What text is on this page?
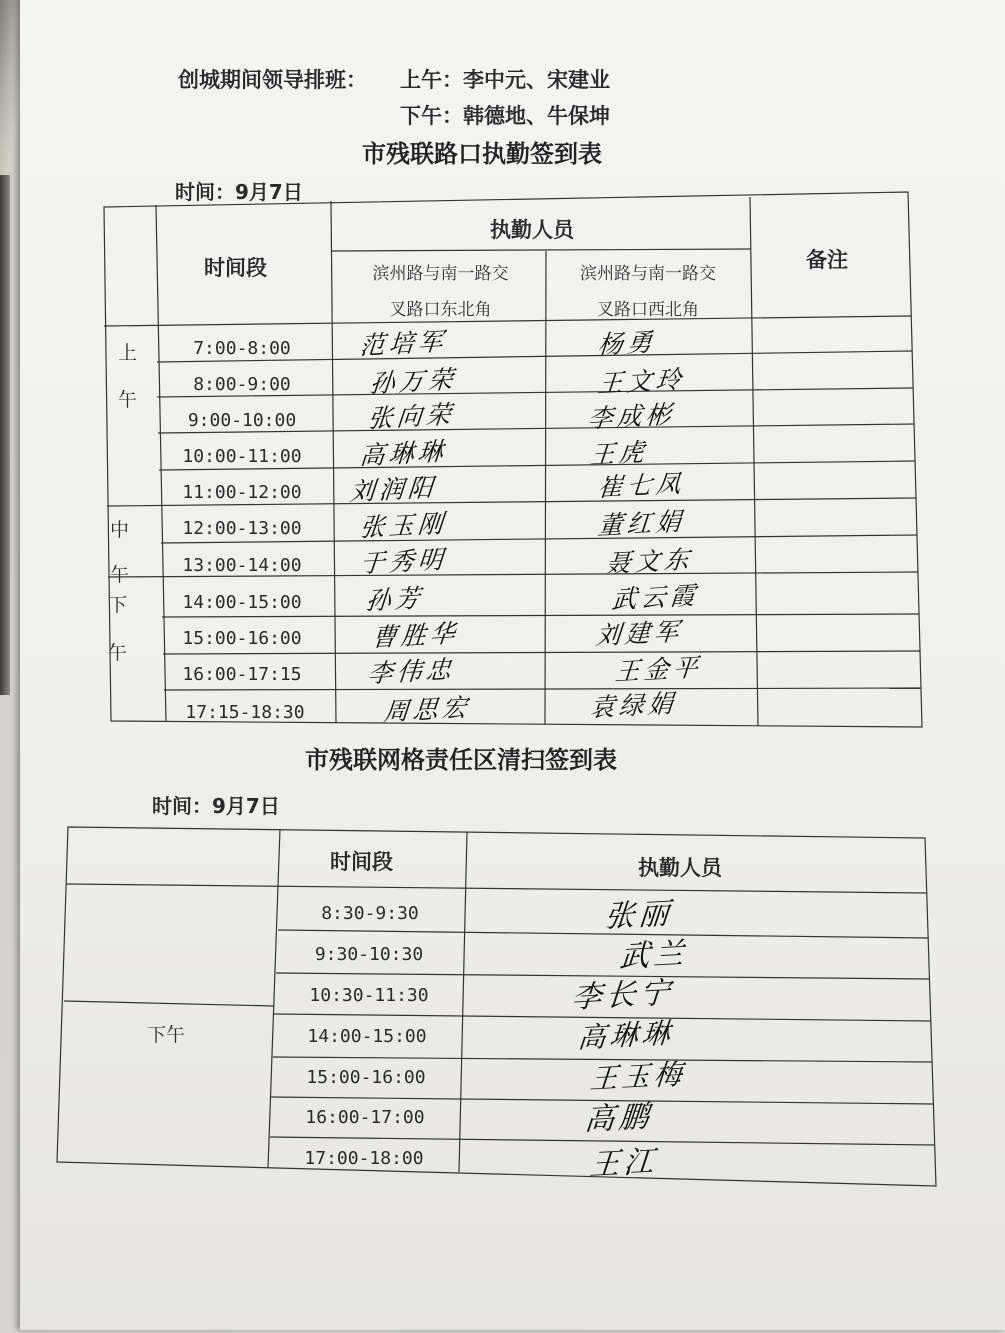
创城期间领导排班： 上午：李中元、宋建业
下午：韩德地、牛保坤
市残联路口执勤签到表
时间：9月7日
时间段
执勤人员
滨州路与南一路交
叉路口东北角
滨州路与南一路交
叉路口西北角
备注
上
午
中
下
午
7:00-8:00	范培军	杨勇
8:00-9:00	孙万荣	王文玲
9:00-10:00	张向荣	李成彬
10:00-11:00	高琳琳	王虎
11:00-12:00	刘润阳	崔七凤
12:00-13:00	张玉刚	董红娟
13:00-14:00	于秀明	聂文东
14:00-15:00	孙芳	武云霞
15:00-16:00	曹胜华	刘建军
16:00-17:15	李伟忠	王金平
17:15-18:30	周思宏	袁绿娟
市残联网格责任区清扫签到表
时间：9月7日
时间段	执勤人员
下午
8:30-9:30	张丽
9:30-10:30	武兰
10:30-11:30	李长宁
14:00-15:00	高琳琳
15:00-16:00	王玉梅
16:00-17:00	高鹏
17:00-18:00	王江
